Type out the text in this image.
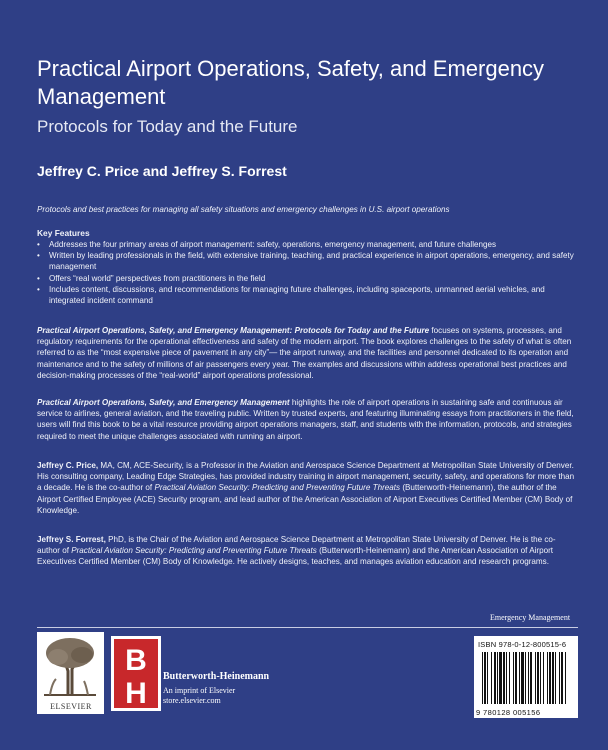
Practical Airport Operations, Safety, and Emergency Management
Protocols for Today and the Future
Jeffrey C. Price and Jeffrey S. Forrest
Protocols and best practices for managing all safety situations and emergency challenges in U.S. airport operations
Key Features
• Addresses the four primary areas of airport management: safety, operations, emergency management, and future challenges
• Written by leading professionals in the field, with extensive training, teaching, and practical experience in airport operations, emergency, and safety management
• Offers “real world” perspectives from practitioners in the field
• Includes content, discussions, and recommendations for managing future challenges, including spaceports, unmanned aerial vehicles, and integrated incident command
Practical Airport Operations, Safety, and Emergency Management: Protocols for Today and the Future focuses on systems, processes, and regulatory requirements for the operational effectiveness and safety of the modern airport. The book explores challenges to the safety of what is often referred to as the “most expensive piece of pavement in any city”— the airport runway, and the facilities and personnel dedicated to its operation and maintenance and to the safety of millions of air passengers every year. The examples and discussions within address operational best practices and decision-making processes of the “real-world” airport operations professional.
Practical Airport Operations, Safety, and Emergency Management highlights the role of airport operations in sustaining safe and continuous air service to airlines, general aviation, and the traveling public. Written by trusted experts, and featuring illuminating essays from practitioners in the field, users will find this book to be a vital resource providing airport operations managers, staff, and students with the information, protocols, and strategies required to meet the unique challenges associated with running an airport.
Jeffrey C. Price, MA, CM, ACE-Security, is a Professor in the Aviation and Aerospace Science Department at Metropolitan State University of Denver. His consulting company, Leading Edge Strategies, has provided industry training in airport management, security, safety, and operations for more than a decade. He is the co-author of Practical Aviation Security: Predicting and Preventing Future Threats (Butterworth-Heinemann), the author of the Airport Certified Employee (ACE) Security program, and lead author of the American Association of Airport Executives Certified Member (CM) Body of Knowledge.
Jeffrey S. Forrest, PhD, is the Chair of the Aviation and Aerospace Science Department at Metropolitan State University of Denver. He is the co-author of Practical Aviation Security: Predicting and Preventing Future Threats (Butterworth-Heinemann) and the American Association of Airport Executives Certified Member (CM) Body of Knowledge. He actively designs, teaches, and manages aviation education and research programs.
Emergency Management
ELSEVIER
B
H
Butterworth-Heinemann
An imprint of Elsevier
store.elsevier.com
ISBN 978-0-12-800515-6
9 780128 005156
